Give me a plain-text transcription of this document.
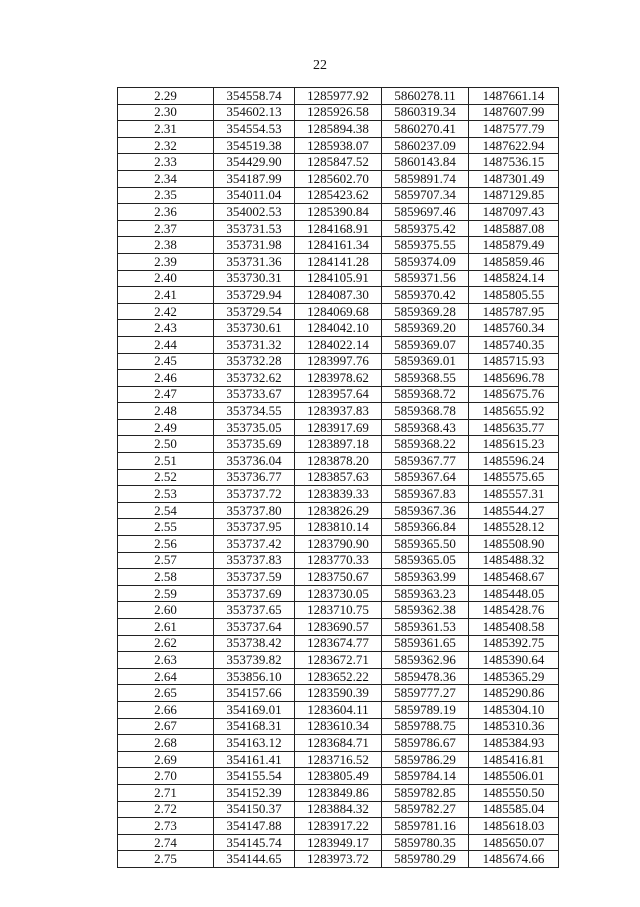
22
2.29	354558.74	1285977.92	5860278.11	1487661.14
2.30	354602.13	1285926.58	5860319.34	1487607.99
2.31	354554.53	1285894.38	5860270.41	1487577.79
2.32	354519.38	1285938.07	5860237.09	1487622.94
2.33	354429.90	1285847.52	5860143.84	1487536.15
2.34	354187.99	1285602.70	5859891.74	1487301.49
2.35	354011.04	1285423.62	5859707.34	1487129.85
2.36	354002.53	1285390.84	5859697.46	1487097.43
2.37	353731.53	1284168.91	5859375.42	1485887.08
2.38	353731.98	1284161.34	5859375.55	1485879.49
2.39	353731.36	1284141.28	5859374.09	1485859.46
2.40	353730.31	1284105.91	5859371.56	1485824.14
2.41	353729.94	1284087.30	5859370.42	1485805.55
2.42	353729.54	1284069.68	5859369.28	1485787.95
2.43	353730.61	1284042.10	5859369.20	1485760.34
2.44	353731.32	1284022.14	5859369.07	1485740.35
2.45	353732.28	1283997.76	5859369.01	1485715.93
2.46	353732.62	1283978.62	5859368.55	1485696.78
2.47	353733.67	1283957.64	5859368.72	1485675.76
2.48	353734.55	1283937.83	5859368.78	1485655.92
2.49	353735.05	1283917.69	5859368.43	1485635.77
2.50	353735.69	1283897.18	5859368.22	1485615.23
2.51	353736.04	1283878.20	5859367.77	1485596.24
2.52	353736.77	1283857.63	5859367.64	1485575.65
2.53	353737.72	1283839.33	5859367.83	1485557.31
2.54	353737.80	1283826.29	5859367.36	1485544.27
2.55	353737.95	1283810.14	5859366.84	1485528.12
2.56	353737.42	1283790.90	5859365.50	1485508.90
2.57	353737.83	1283770.33	5859365.05	1485488.32
2.58	353737.59	1283750.67	5859363.99	1485468.67
2.59	353737.69	1283730.05	5859363.23	1485448.05
2.60	353737.65	1283710.75	5859362.38	1485428.76
2.61	353737.64	1283690.57	5859361.53	1485408.58
2.62	353738.42	1283674.77	5859361.65	1485392.75
2.63	353739.82	1283672.71	5859362.96	1485390.64
2.64	353856.10	1283652.22	5859478.36	1485365.29
2.65	354157.66	1283590.39	5859777.27	1485290.86
2.66	354169.01	1283604.11	5859789.19	1485304.10
2.67	354168.31	1283610.34	5859788.75	1485310.36
2.68	354163.12	1283684.71	5859786.67	1485384.93
2.69	354161.41	1283716.52	5859786.29	1485416.81
2.70	354155.54	1283805.49	5859784.14	1485506.01
2.71	354152.39	1283849.86	5859782.85	1485550.50
2.72	354150.37	1283884.32	5859782.27	1485585.04
2.73	354147.88	1283917.22	5859781.16	1485618.03
2.74	354145.74	1283949.17	5859780.35	1485650.07
2.75	354144.65	1283973.72	5859780.29	1485674.66
